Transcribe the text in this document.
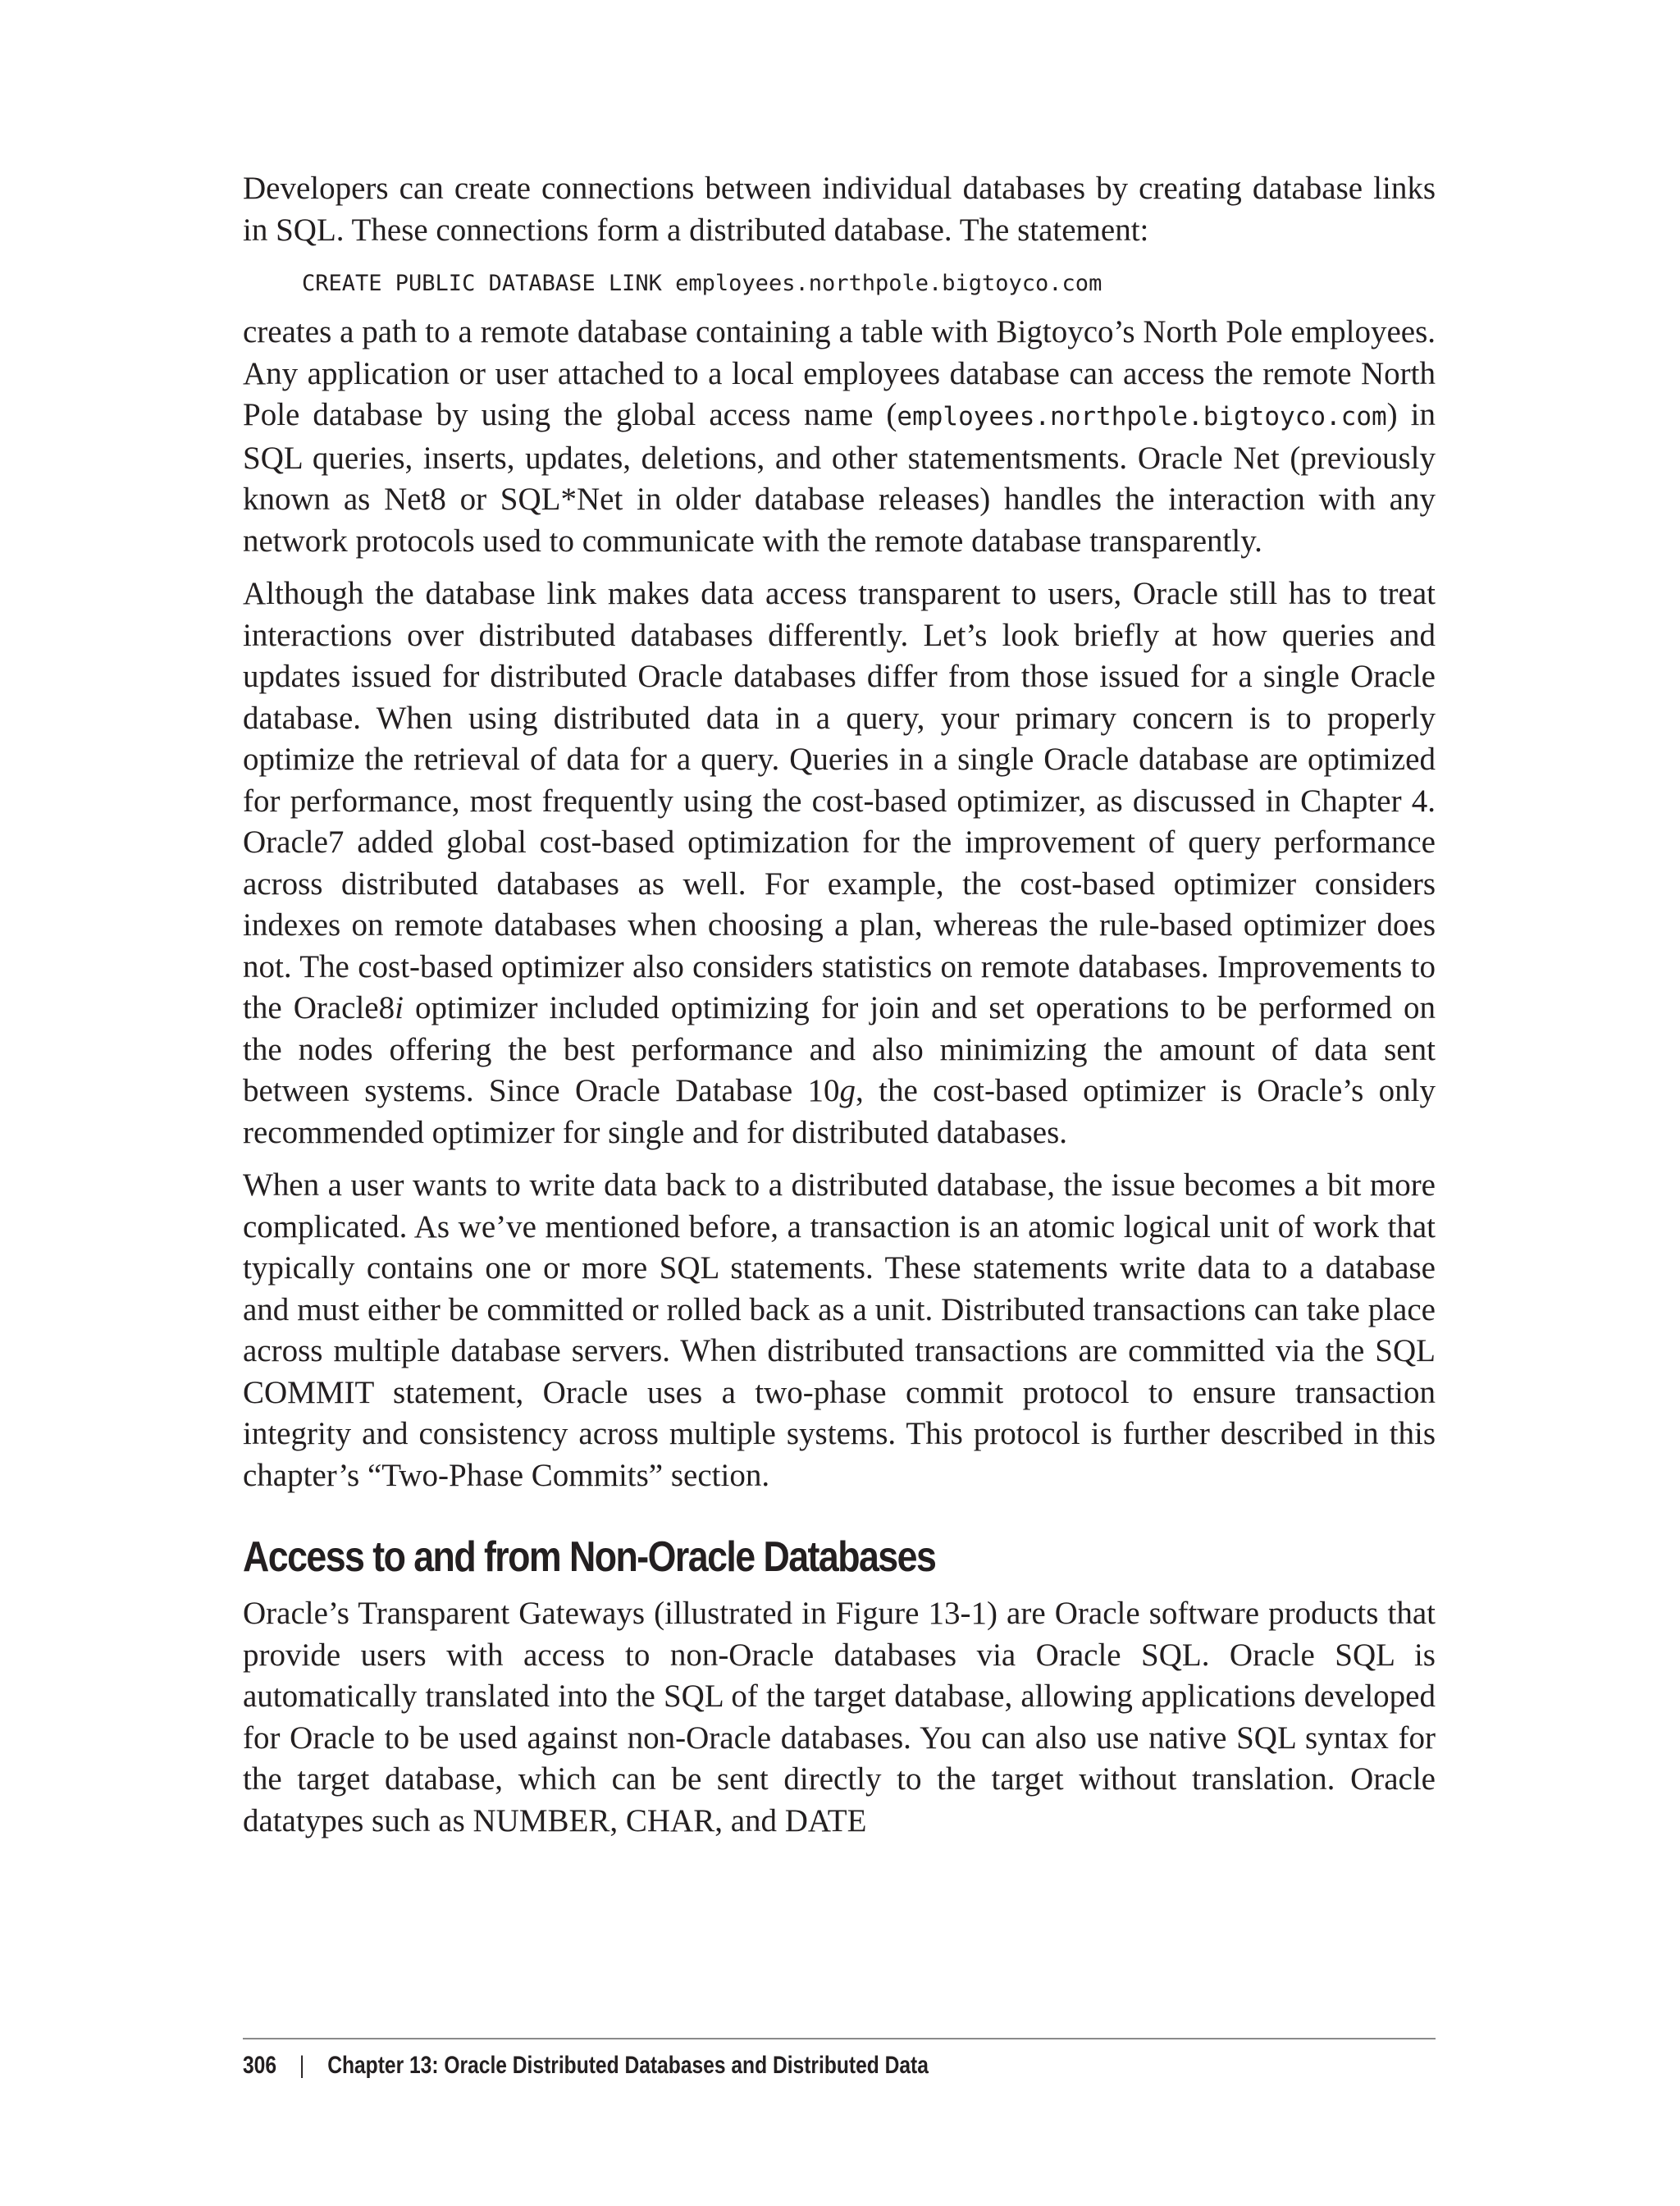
Developers can create connections between individual databases by creating database links in SQL. These connections form a distributed database. The statement:

CREATE PUBLIC DATABASE LINK employees.northpole.bigtoyco.com

creates a path to a remote database containing a table with Bigtoyco’s North Pole employees. Any application or user attached to a local employees database can access the remote North Pole database by using the global access name (employees.​northpole.bigtoyco.com) in SQL queries, inserts, updates, deletions, and other statementsments. Oracle Net (previously known as Net8 or SQL*Net in older database releases) handles the interaction with any network protocols used to communicate with the remote database transparently.

Although the database link makes data access transparent to users, Oracle still has to treat interactions over distributed databases differently. Let’s look briefly at how queries and updates issued for distributed Oracle databases differ from those issued for a single Oracle database. When using distributed data in a query, your primary concern is to properly optimize the retrieval of data for a query. Queries in a single Oracle database are optimized for performance, most frequently using the cost-based optimizer, as discussed in Chapter 4. Oracle7 added global cost-based optimization for the improvement of query performance across distributed databases as well. For example, the cost-based optimizer considers indexes on remote databases when choosing a plan, whereas the rule-based optimizer does not. The cost-based optimizer also considers statistics on remote databases. Improvements to the Oracle8i optimizer included optimizing for join and set operations to be performed on the nodes offering the best performance and also minimizing the amount of data sent between systems. Since Oracle Database 10g, the cost-based optimizer is Oracle’s only recommended optimizer for single and for distributed databases.

When a user wants to write data back to a distributed database, the issue becomes a bit more complicated. As we’ve mentioned before, a transaction is an atomic logical unit of work that typically contains one or more SQL statements. These statements write data to a database and must either be committed or rolled back as a unit. Distributed transactions can take place across multiple database servers. When distributed transactions are committed via the SQL COMMIT statement, Oracle uses a two-phase commit protocol to ensure transaction integrity and consistency across multiple systems. This protocol is further described in this chapter’s “Two-Phase Commits” section.

Access to and from Non-Oracle Databases

Oracle’s Transparent Gateways (illustrated in Figure 13-1) are Oracle software products that provide users with access to non-Oracle databases via Oracle SQL. Oracle SQL is automatically translated into the SQL of the target database, allowing applications developed for Oracle to be used against non-Oracle databases. You can also use native SQL syntax for the target database, which can be sent directly to the target without translation. Oracle datatypes such as NUMBER, CHAR, and DATE

306 | Chapter 13: Oracle Distributed Databases and Distributed Data
